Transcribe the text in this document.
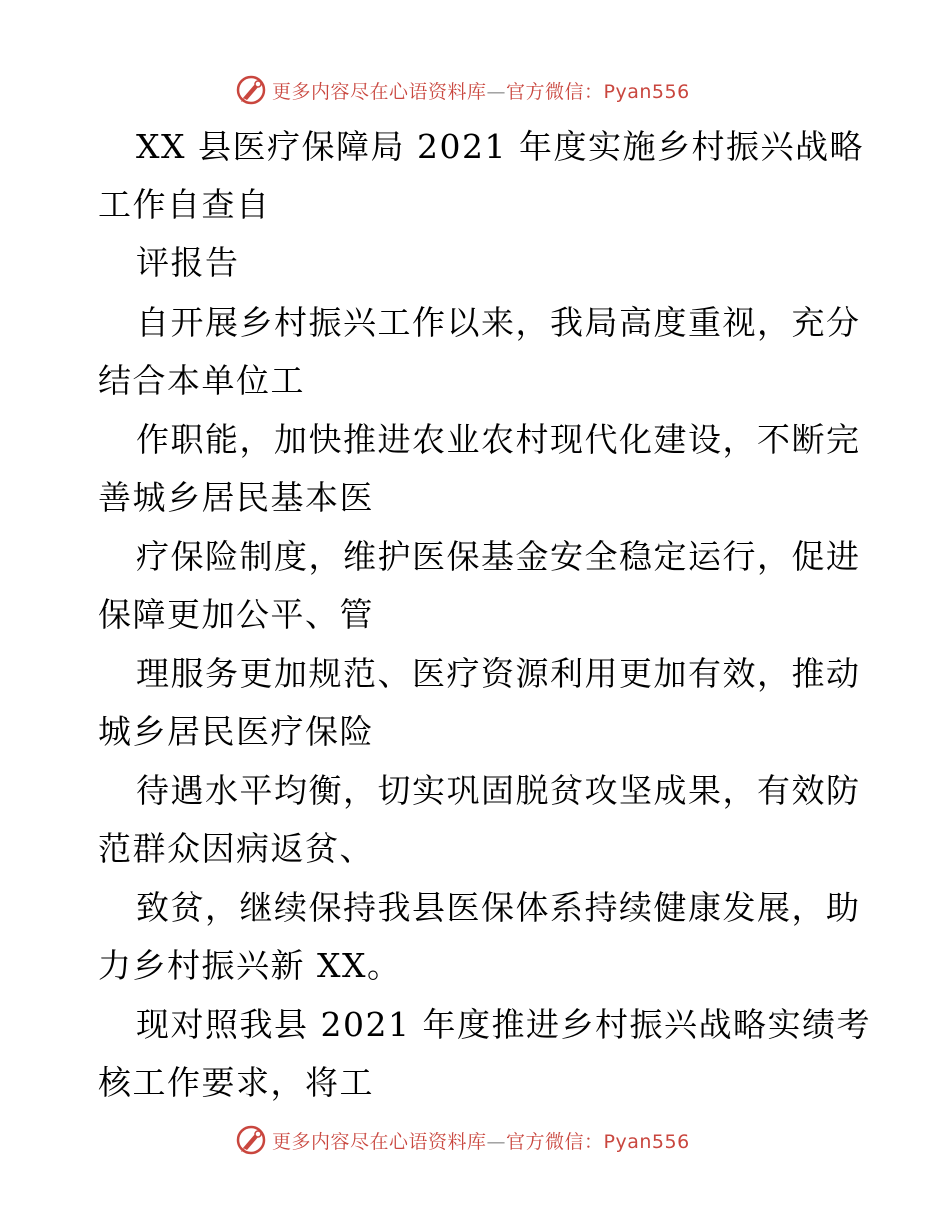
更多内容尽在心语资料库—官方微信：Pyan556
XX 县医疗保障局 2021 年度实施乡村振兴战略
工作自查自
评报告
自开展乡村振兴工作以来，我局高度重视，充分
结合本单位工
作职能，加快推进农业农村现代化建设，不断完
善城乡居民基本医
疗保险制度，维护医保基金安全稳定运行，促进
保障更加公平、管
理服务更加规范、医疗资源利用更加有效，推动
城乡居民医疗保险
待遇水平均衡，切实巩固脱贫攻坚成果，有效防
范群众因病返贫、
致贫，继续保持我县医保体系持续健康发展，助
力乡村振兴新 XX。
现对照我县 2021 年度推进乡村振兴战略实绩考
核工作要求，将工
更多内容尽在心语资料库—官方微信：Pyan556
